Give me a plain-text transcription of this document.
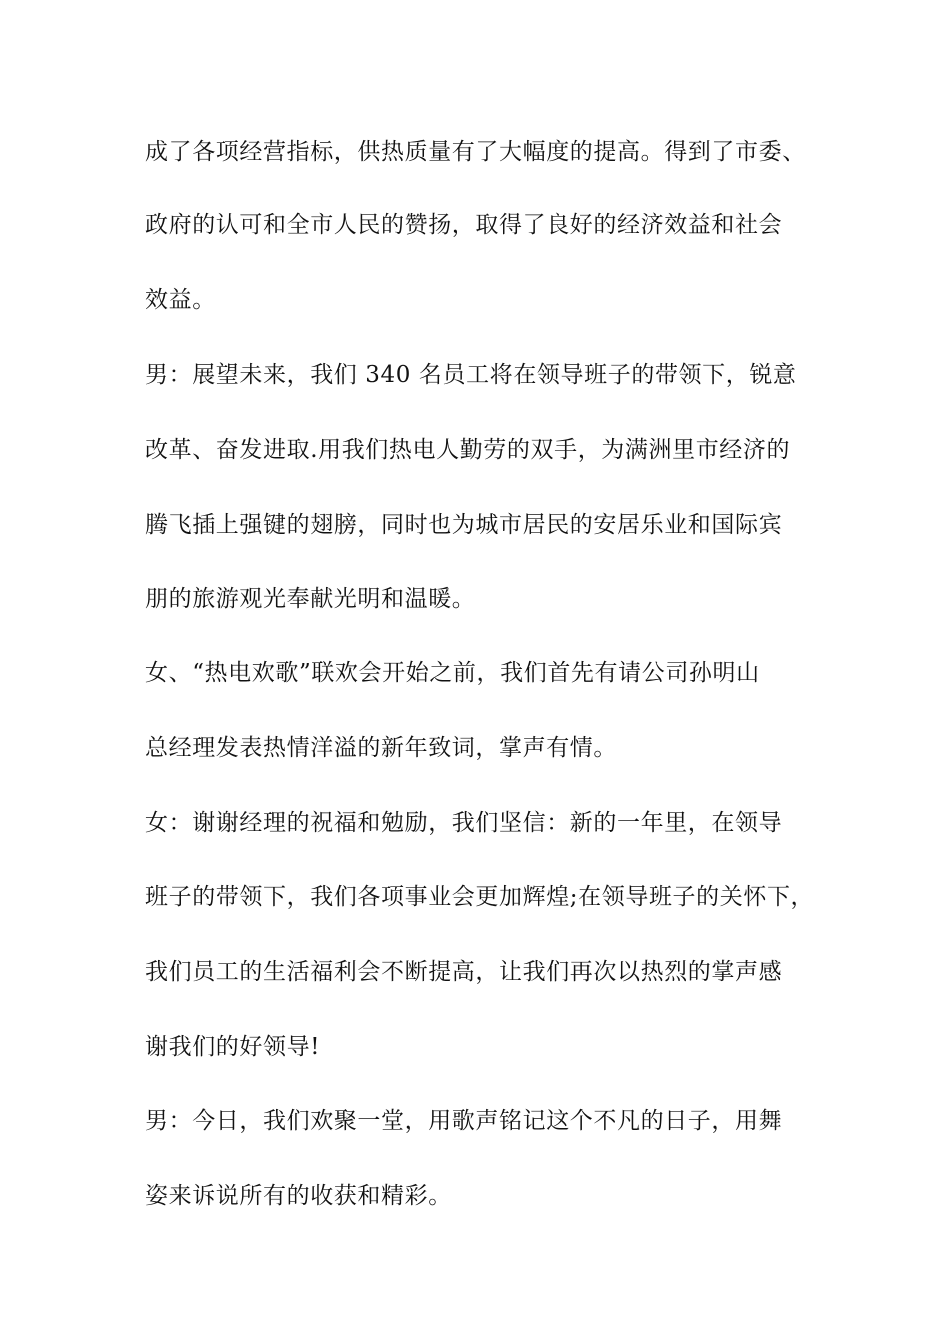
成了各项经营指标，供热质量有了大幅度的提高。得到了市委、
政府的认可和全市人民的赞扬，取得了良好的经济效益和社会
效益。
男：展望未来，我们 340 名员工将在领导班子的带领下，锐意
改革、奋发进取.用我们热电人勤劳的双手，为满洲里市经济的
腾飞插上强键的翅膀，同时也为城市居民的安居乐业和国际宾
朋的旅游观光奉献光明和温暖。
女、“热电欢歌”联欢会开始之前，我们首先有请公司孙明山
总经理发表热情洋溢的新年致词，掌声有情。
女：谢谢经理的祝福和勉励，我们坚信：新的一年里，在领导
班子的带领下，我们各项事业会更加辉煌;在领导班子的关怀下，
我们员工的生活福利会不断提高，让我们再次以热烈的掌声感
谢我们的好领导!
男：今日，我们欢聚一堂，用歌声铭记这个不凡的日子，用舞
姿来诉说所有的收获和精彩。
